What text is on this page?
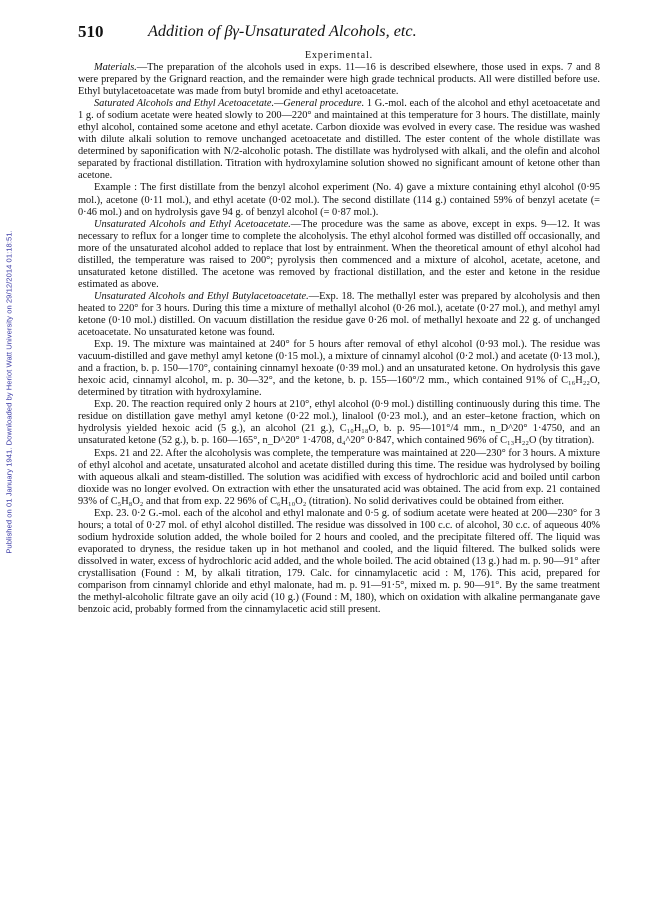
Published on 01 January 1941. Downloaded by Heriot Watt University on 29/12/2014 01:18:51.
510	Addition of βγ-Unsaturated Alcohols, etc.
Experimental.

Materials.—The preparation of the alcohols used in exps. 11—16 is described elsewhere, those used in exps. 7 and 8 were prepared by the Grignard reaction, and the remainder were high grade technical products. All were distilled before use. Ethyl butylacetoacetate was made from butyl bromide and ethyl acetoacetate.

Saturated Alcohols and Ethyl Acetoacetate.—General procedure. 1 G.-mol. each of the alcohol and ethyl acetoacetate and 1 g. of sodium acetate were heated slowly to 200—220° and maintained at this temperature for 3 hours. The distillate, mainly ethyl alcohol, contained some acetone and ethyl acetate. Carbon dioxide was evolved in every case. The residue was washed with dilute alkali solution to remove unchanged acetoacetate and distilled. The ester content of the whole distillate was determined by saponification with N/2-alcoholic potash. The distillate was hydrolysed with alkali, and the olefin and alcohol separated by fractional distillation. Titration with hydroxylamine solution showed no significant amount of ketone other than acetone.

Example : The first distillate from the benzyl alcohol experiment (No. 4) gave a mixture containing ethyl alcohol (0·95 mol.), acetone (0·11 mol.), and ethyl acetate (0·02 mol.). The second distillate (114 g.) contained 59% of benzyl acetate (= 0·46 mol.) and on hydrolysis gave 94 g. of benzyl alcohol (= 0·87 mol.).

Unsaturated Alcohols and Ethyl Acetoacetate.—The procedure was the same as above, except in exps. 9—12. It was necessary to reflux for a longer time to complete the alcoholysis. The ethyl alcohol formed was distilled off occasionally, and more of the unsaturated alcohol added to replace that lost by entrainment. When the theoretical amount of ethyl alcohol had distilled, the temperature was raised to 200°; pyrolysis then commenced and a mixture of alcohol, acetate, acetone, and unsaturated ketone distilled. The acetone was removed by fractional distillation, and the ester and ketone in the residue estimated as above.

Unsaturated Alcohols and Ethyl Butylacetoacetate.—Exp. 18. The methallyl ester was prepared by alcoholysis and then heated to 220° for 3 hours. During this time a mixture of methallyl alcohol (0·26 mol.), acetate (0·27 mol.), and methyl amyl ketone (0·10 mol.) distilled. On vacuum distillation the residue gave 0·26 mol. of methallyl hexoate and 22 g. of unchanged acetoacetate. No unsaturated ketone was found.

Exp. 19. The mixture was maintained at 240° for 5 hours after removal of ethyl alcohol (0·93 mol.). The residue was vacuum-distilled and gave methyl amyl ketone (0·15 mol.), a mixture of cinnamyl alcohol (0·2 mol.) and acetate (0·13 mol.), and a fraction, b. p. 150—170°, containing cinnamyl hexoate (0·39 mol.) and an unsaturated ketone. On hydrolysis this gave hexoic acid, cinnamyl alcohol, m. p. 30—32°, and the ketone, b. p. 155—160°/2 mm., which contained 91% of C₁₆H₂₂O, determined by titration with hydroxylamine.

Exp. 20. The reaction required only 2 hours at 210°, ethyl alcohol (0·9 mol.) distilling continuously during this time. The residue on distillation gave methyl amyl ketone (0·22 mol.), linalool (0·23 mol.), and an ester–ketone fraction, which on hydrolysis yielded hexoic acid (5 g.), an alcohol (21 g.), C₁₀H₁₈O, b. p. 95—101°/4 mm., n_D^20° 1·4750, and an unsaturated ketone (52 g.), b. p. 160—165°, n_D^20° 1·4708, d₄^20° 0·847, which contained 96% of C₁₃H₂₂O (by titration).

Exps. 21 and 22. After the alcoholysis was complete, the temperature was maintained at 220—230° for 3 hours. A mixture of ethyl alcohol and acetate, unsaturated alcohol and acetate distilled during this time. The residue was hydrolysed by boiling with aqueous alkali and steam-distilled. The solution was acidified with excess of hydrochloric acid and boiled until carbon dioxide was no longer evolved. On extraction with ether the unsaturated acid was obtained. The acid from exp. 21 contained 93% of C₅H₈O₂ and that from exp. 22 96% of C₆H₁₀O₂ (titration). No solid derivatives could be obtained from either.

Exp. 23. 0·2 G.-mol. each of the alcohol and ethyl malonate and 0·5 g. of sodium acetate were heated at 200—230° for 3 hours; a total of 0·27 mol. of ethyl alcohol distilled. The residue was dissolved in 100 c.c. of alcohol, 30 c.c. of aqueous 40% sodium hydroxide solution added, the whole boiled for 2 hours and cooled, and the precipitate filtered off. The liquid was evaporated to dryness, the residue taken up in hot methanol and cooled, and the liquid filtered. The bulked solids were dissolved in water, excess of hydrochloric acid added, and the whole boiled. The acid obtained (13 g.) had m. p. 90—91° after crystallisation (Found : M, by alkali titration, 179. Calc. for cinnamylacetic acid : M, 176). This acid, prepared for comparison from cinnamyl chloride and ethyl malonate, had m. p. 91—91·5°, mixed m. p. 90—91°. By the same treatment the methyl-alcoholic filtrate gave an oily acid (10 g.) (Found : M, 180), which on oxidation with alkaline permanganate gave benzoic acid, probably formed from the cinnamylacetic acid still present.
